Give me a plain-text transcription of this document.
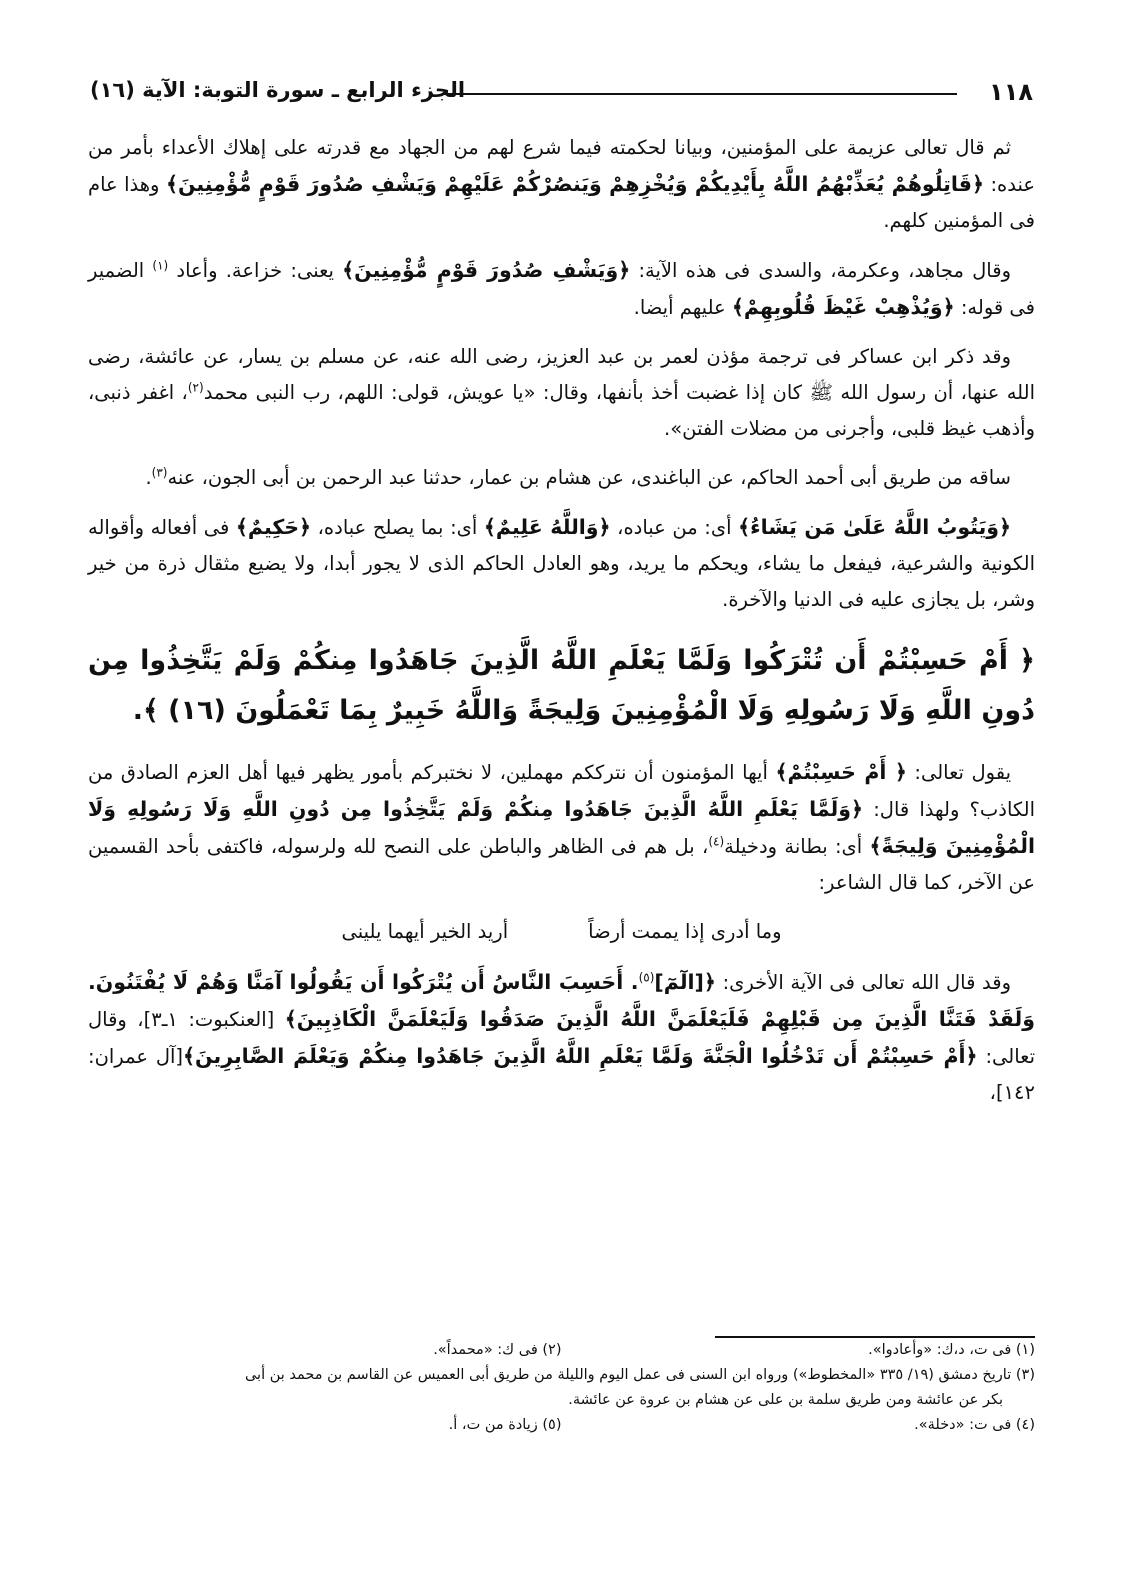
١١٨
الجزء الرابع ـ سورة التوبة: الآية (١٦)

ثم قال تعالى عزيمة على المؤمنين، وبيانا لحكمته فيما شرع لهم من الجهاد مع قدرته على إهلاك الأعداء بأمر من عنده: ﴿قَاتِلُوهُمْ يُعَذِّبْهُمُ اللَّهُ بِأَيْدِيكُمْ وَيُخْزِهِمْ وَيَنصُرْكُمْ عَلَيْهِمْ وَيَشْفِ صُدُورَ قَوْمٍ مُّؤْمِنِينَ﴾ وهذا عام فى المؤمنين كلهم.

وقال مجاهد، وعكرمة، والسدى فى هذه الآية: ﴿وَيَشْفِ صُدُورَ قَوْمٍ مُّؤْمِنِينَ﴾ يعنى: خزاعة. وأعاد $^{(١)}$ الضمير فى قوله: ﴿وَيُذْهِبْ غَيْظَ قُلُوبِهِمْ﴾ عليهم أيضا.

وقد ذكر ابن عساكر فى ترجمة مؤذن لعمر بن عبد العزيز، رضى الله عنه، عن مسلم بن يسار، عن عائشة، رضى الله عنها، أن رسول الله ﷺ كان إذا غضبت أخذ بأنفها، وقال: «يا عويش، قولى: اللهم، رب النبى محمد$^{(٢)}$، اغفر ذنبى، وأذهب غيظ قلبى، وأجرنى من مضلات الفتن».

ساقه من طريق أبى أحمد الحاكم، عن الباغندى، عن هشام بن عمار، حدثنا عبد الرحمن بن أبى الجون، عنه$^{(٣)}$.

﴿وَيَتُوبُ اللَّهُ عَلَىٰ مَن يَشَاءُ﴾ أى: من عباده، ﴿وَاللَّهُ عَلِيمٌ﴾ أى: بما يصلح عباده، ﴿حَكِيمٌ﴾ فى أفعاله وأقواله الكونية والشرعية، فيفعل ما يشاء، ويحكم ما يريد، وهو العادل الحاكم الذى لا يجور أبدا، ولا يضيع مثقال ذرة من خير وشر، بل يجازى عليه فى الدنيا والآخرة.

﴿ أَمْ حَسِبْتُمْ أَن تُتْرَكُوا وَلَمَّا يَعْلَمِ اللَّهُ الَّذِينَ جَاهَدُوا مِنكُمْ وَلَمْ يَتَّخِذُوا مِن دُونِ اللَّهِ وَلَا رَسُولِهِ وَلَا الْمُؤْمِنِينَ وَلِيجَةً وَاللَّهُ خَبِيرٌ بِمَا تَعْمَلُونَ (١٦) ﴾.

يقول تعالى: ﴿ أَمْ حَسِبْتُمْ﴾ أيها المؤمنون أن نترككم مهملين، لا نختبركم بأمور يظهر فيها أهل العزم الصادق من الكاذب؟ ولهذا قال: ﴿وَلَمَّا يَعْلَمِ اللَّهُ الَّذِينَ جَاهَدُوا مِنكُمْ وَلَمْ يَتَّخِذُوا مِن دُونِ اللَّهِ وَلَا رَسُولِهِ وَلَا الْمُؤْمِنِينَ وَلِيجَةً﴾ أى: بطانة ودخيلة$^{(٤)}$، بل هم فى الظاهر والباطن على النصح لله ولرسوله، فاكتفى بأحد القسمين عن الآخر، كما قال الشاعر:

وما أدرى إذا يممت أرضاً
أريد الخير أيهما يلينى

وقد قال الله تعالى فى الآية الأخرى: ﴿[الٓمٓ]$^{(٥)}$. أَحَسِبَ النَّاسُ أَن يُتْرَكُوا أَن يَقُولُوا آمَنَّا وَهُمْ لَا يُفْتَنُونَ. وَلَقَدْ فَتَنَّا الَّذِينَ مِن قَبْلِهِمْ فَلَيَعْلَمَنَّ اللَّهُ الَّذِينَ صَدَقُوا وَلَيَعْلَمَنَّ الْكَاذِبِينَ﴾ [العنكبوت: ١ـ٣]، وقال تعالى: ﴿أَمْ حَسِبْتُمْ أَن تَدْخُلُوا الْجَنَّةَ وَلَمَّا يَعْلَمِ اللَّهُ الَّذِينَ جَاهَدُوا مِنكُمْ وَيَعْلَمَ الصَّابِرِينَ﴾[آل عمران: ١٤٢]،

(١) فى ت، د،ك: «وأعادوا».
(٢) فى ك: «محمداً».
(٣) تاريخ دمشق (١٩/ ٣٣٥ «المخطوط») ورواه ابن السنى فى عمل اليوم والليلة من طريق أبى العميس عن القاسم بن محمد بن أبى
بكر عن عائشة ومن طريق سلمة بن على عن هشام بن عروة عن عائشة.
(٤) فى ت: «دخلة».
(٥) زيادة من ت، أ.
